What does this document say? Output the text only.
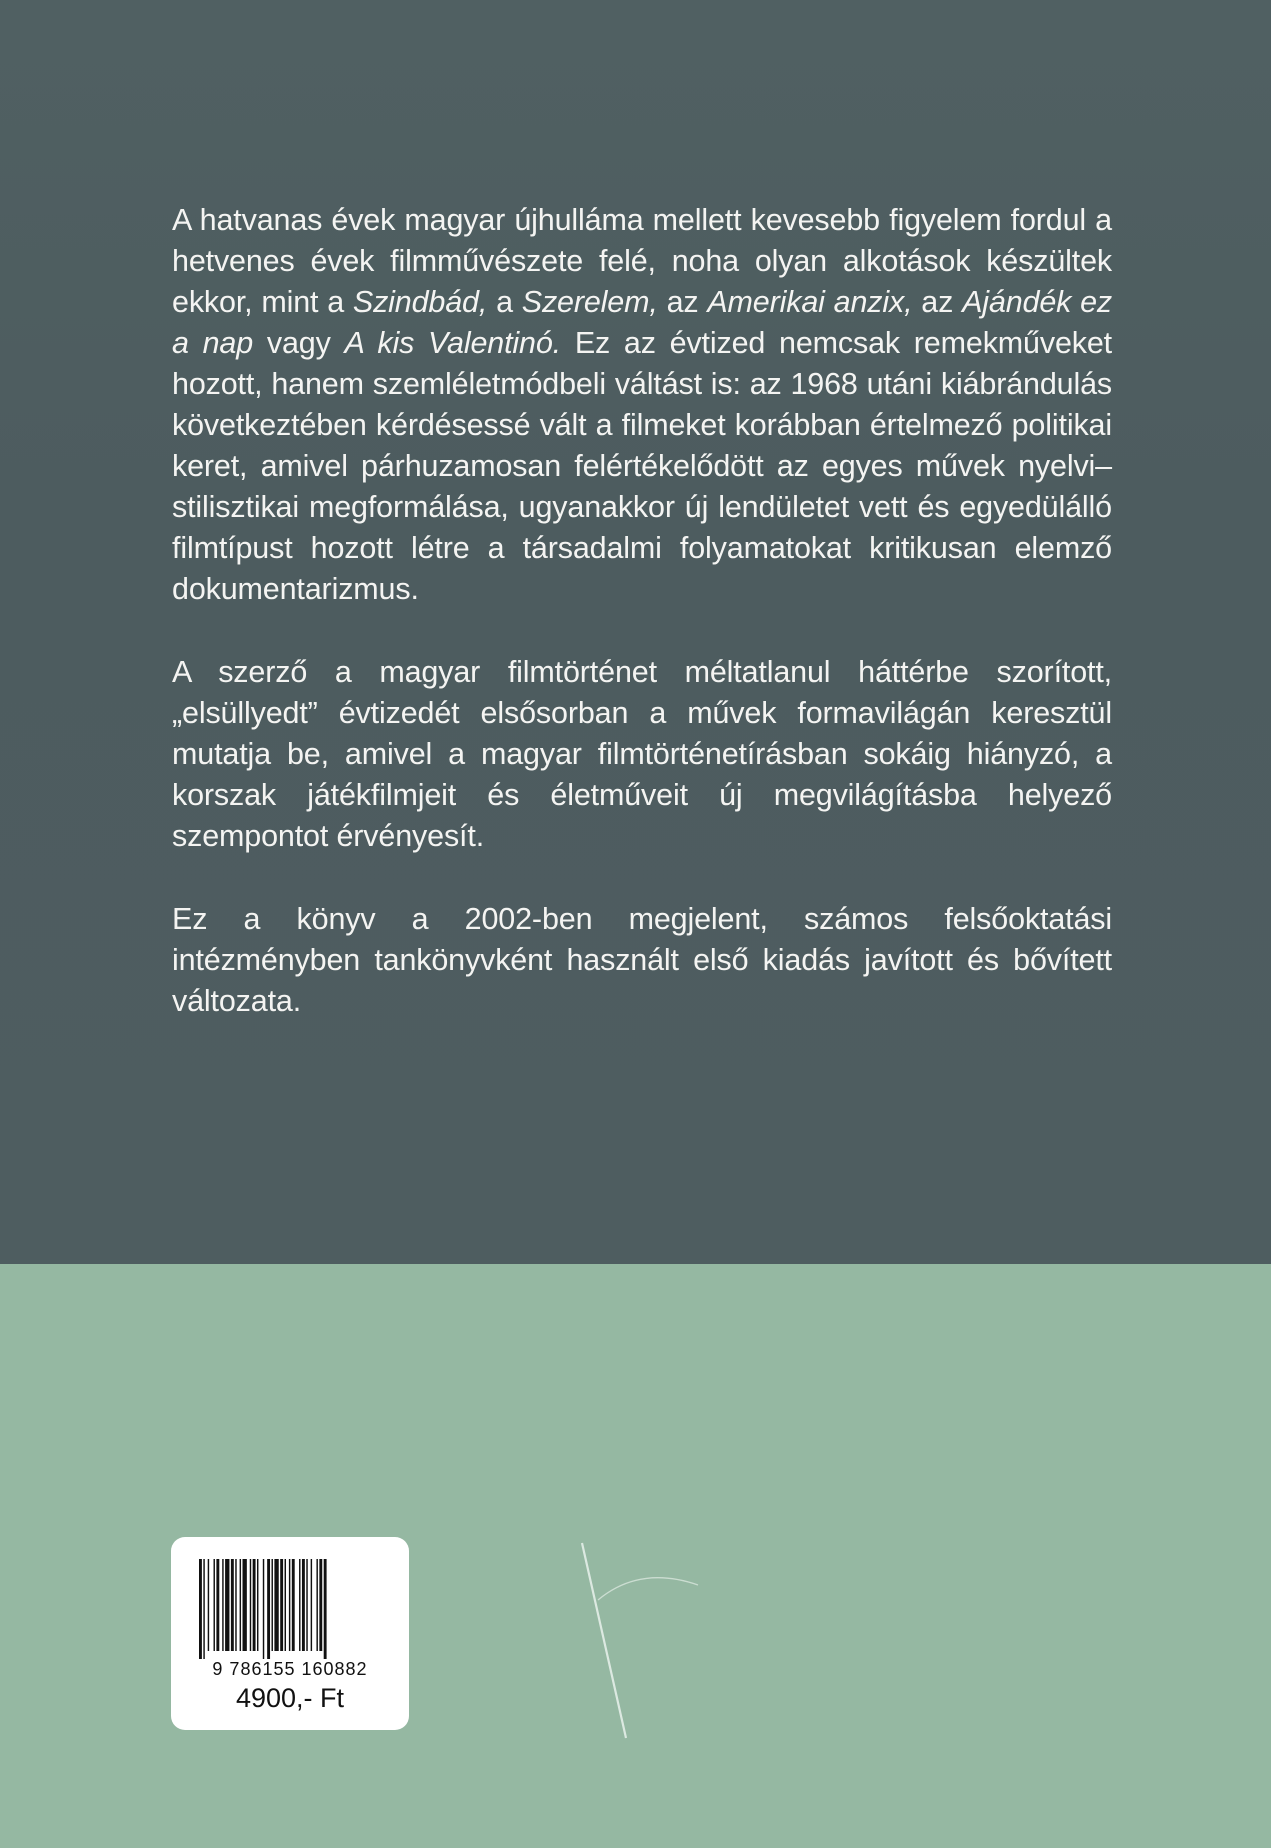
A hatvanas évek magyar újhulláma mellett kevesebb figyelem fordul a hetvenes évek filmművészete felé, noha olyan alkotások készültek ekkor, mint a Szindbád, a Szerelem, az Amerikai anzix, az Ajándék ez a nap vagy A kis Valentinó. Ez az évtized nemcsak remekműveket hozott, hanem szemléletmódbeli váltást is: az 1968 utáni kiábrándulás következtében kérdésessé vált a filmeket korábban értelmező politikai keret, amivel párhuzamosan felértékelődött az egyes művek nyelvi–stilisztikai megformálása, ugyanakkor új lendületet vett és egyedülálló filmtípust hozott létre a társadalmi folyamatokat kritikusan elemző dokumentarizmus.

A szerző a magyar filmtörténet méltatlanul háttérbe szorított, „elsüllyedt” évtizedét elsősorban a művek formavilágán keresztül mutatja be, amivel a magyar filmtörténetírásban sokáig hiányzó, a korszak játékfilmjeit és életműveit új megvilágításba helyező szempontot érvényesít.

Ez a könyv a 2002-ben megjelent, számos felsőoktatási intézményben tankönyvként használt első kiadás javított és bővített változata.

9 786155 160882
4900,- Ft
